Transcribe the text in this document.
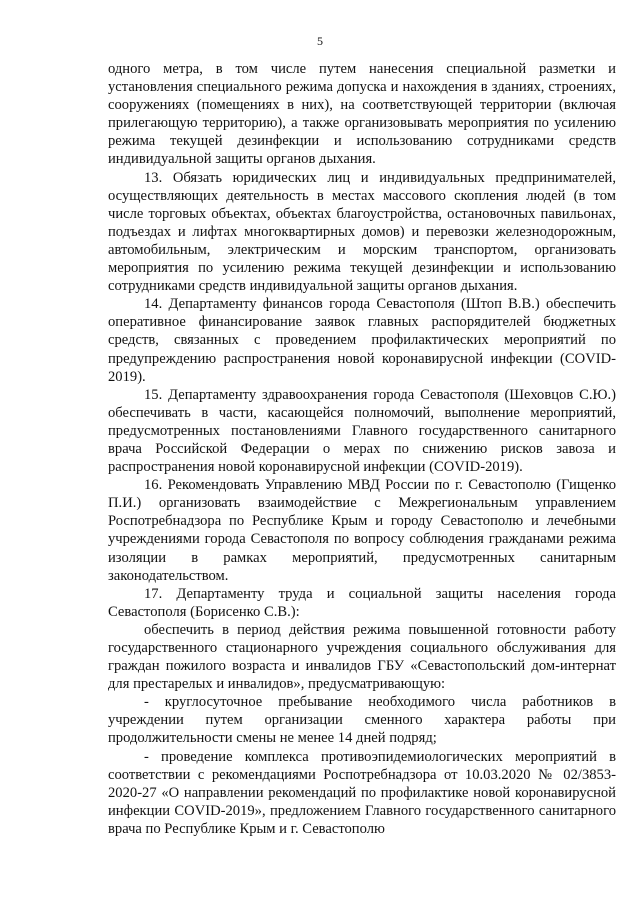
5

одного метра, в том числе путем нанесения специальной разметки и установления специального режима допуска и нахождения в зданиях, строениях, сооружениях (помещениях в них), на соответствующей территории (включая прилегающую территорию), а также организовывать мероприятия по усилению режима текущей дезинфекции и использованию сотрудниками средств индивидуальной защиты органов дыхания.

13. Обязать юридических лиц и индивидуальных предпринимателей, осуществляющих деятельность в местах массового скопления людей (в том числе торговых объектах, объектах благоустройства, остановочных павильонах, подъездах и лифтах многоквартирных домов) и перевозки железнодорожным, автомобильным, электрическим и морским транспортом, организовать мероприятия по усилению режима текущей дезинфекции и использованию сотрудниками средств индивидуальной защиты органов дыхания.

14. Департаменту финансов города Севастополя (Штоп В.В.) обеспечить оперативное финансирование заявок главных распорядителей бюджетных средств, связанных с проведением профилактических мероприятий по предупреждению распространения новой коронавирусной инфекции (COVID-2019).

15. Департаменту здравоохранения города Севастополя (Шеховцов С.Ю.) обеспечивать в части, касающейся полномочий, выполнение мероприятий, предусмотренных постановлениями Главного государственного санитарного врача Российской Федерации о мерах по снижению рисков завоза и распространения новой коронавирусной инфекции (COVID-2019).

16. Рекомендовать Управлению МВД России по г. Севастополю (Гищенко П.И.) организовать взаимодействие с Межрегиональным управлением Роспотребнадзора по Республике Крым и городу Севастополю и лечебными учреждениями города Севастополя по вопросу соблюдения гражданами режима изоляции в рамках мероприятий, предусмотренных санитарным законодательством.

17. Департаменту труда и социальной защиты населения города Севастополя (Борисенко С.В.):

обеспечить в период действия режима повышенной готовности работу государственного стационарного учреждения социального обслуживания для граждан пожилого возраста и инвалидов ГБУ «Севастопольский дом-интернат для престарелых и инвалидов», предусматривающую:

- круглосуточное пребывание необходимого числа работников в учреждении путем организации сменного характера работы при продолжительности смены не менее 14 дней подряд;

- проведение комплекса противоэпидемиологических мероприятий в соответствии с рекомендациями Роспотребнадзора от 10.03.2020 № 02/3853-2020-27 «О направлении рекомендаций по профилактике новой коронавирусной инфекции COVID-2019», предложением Главного государственного санитарного врача по Республике Крым и г. Севастополю
